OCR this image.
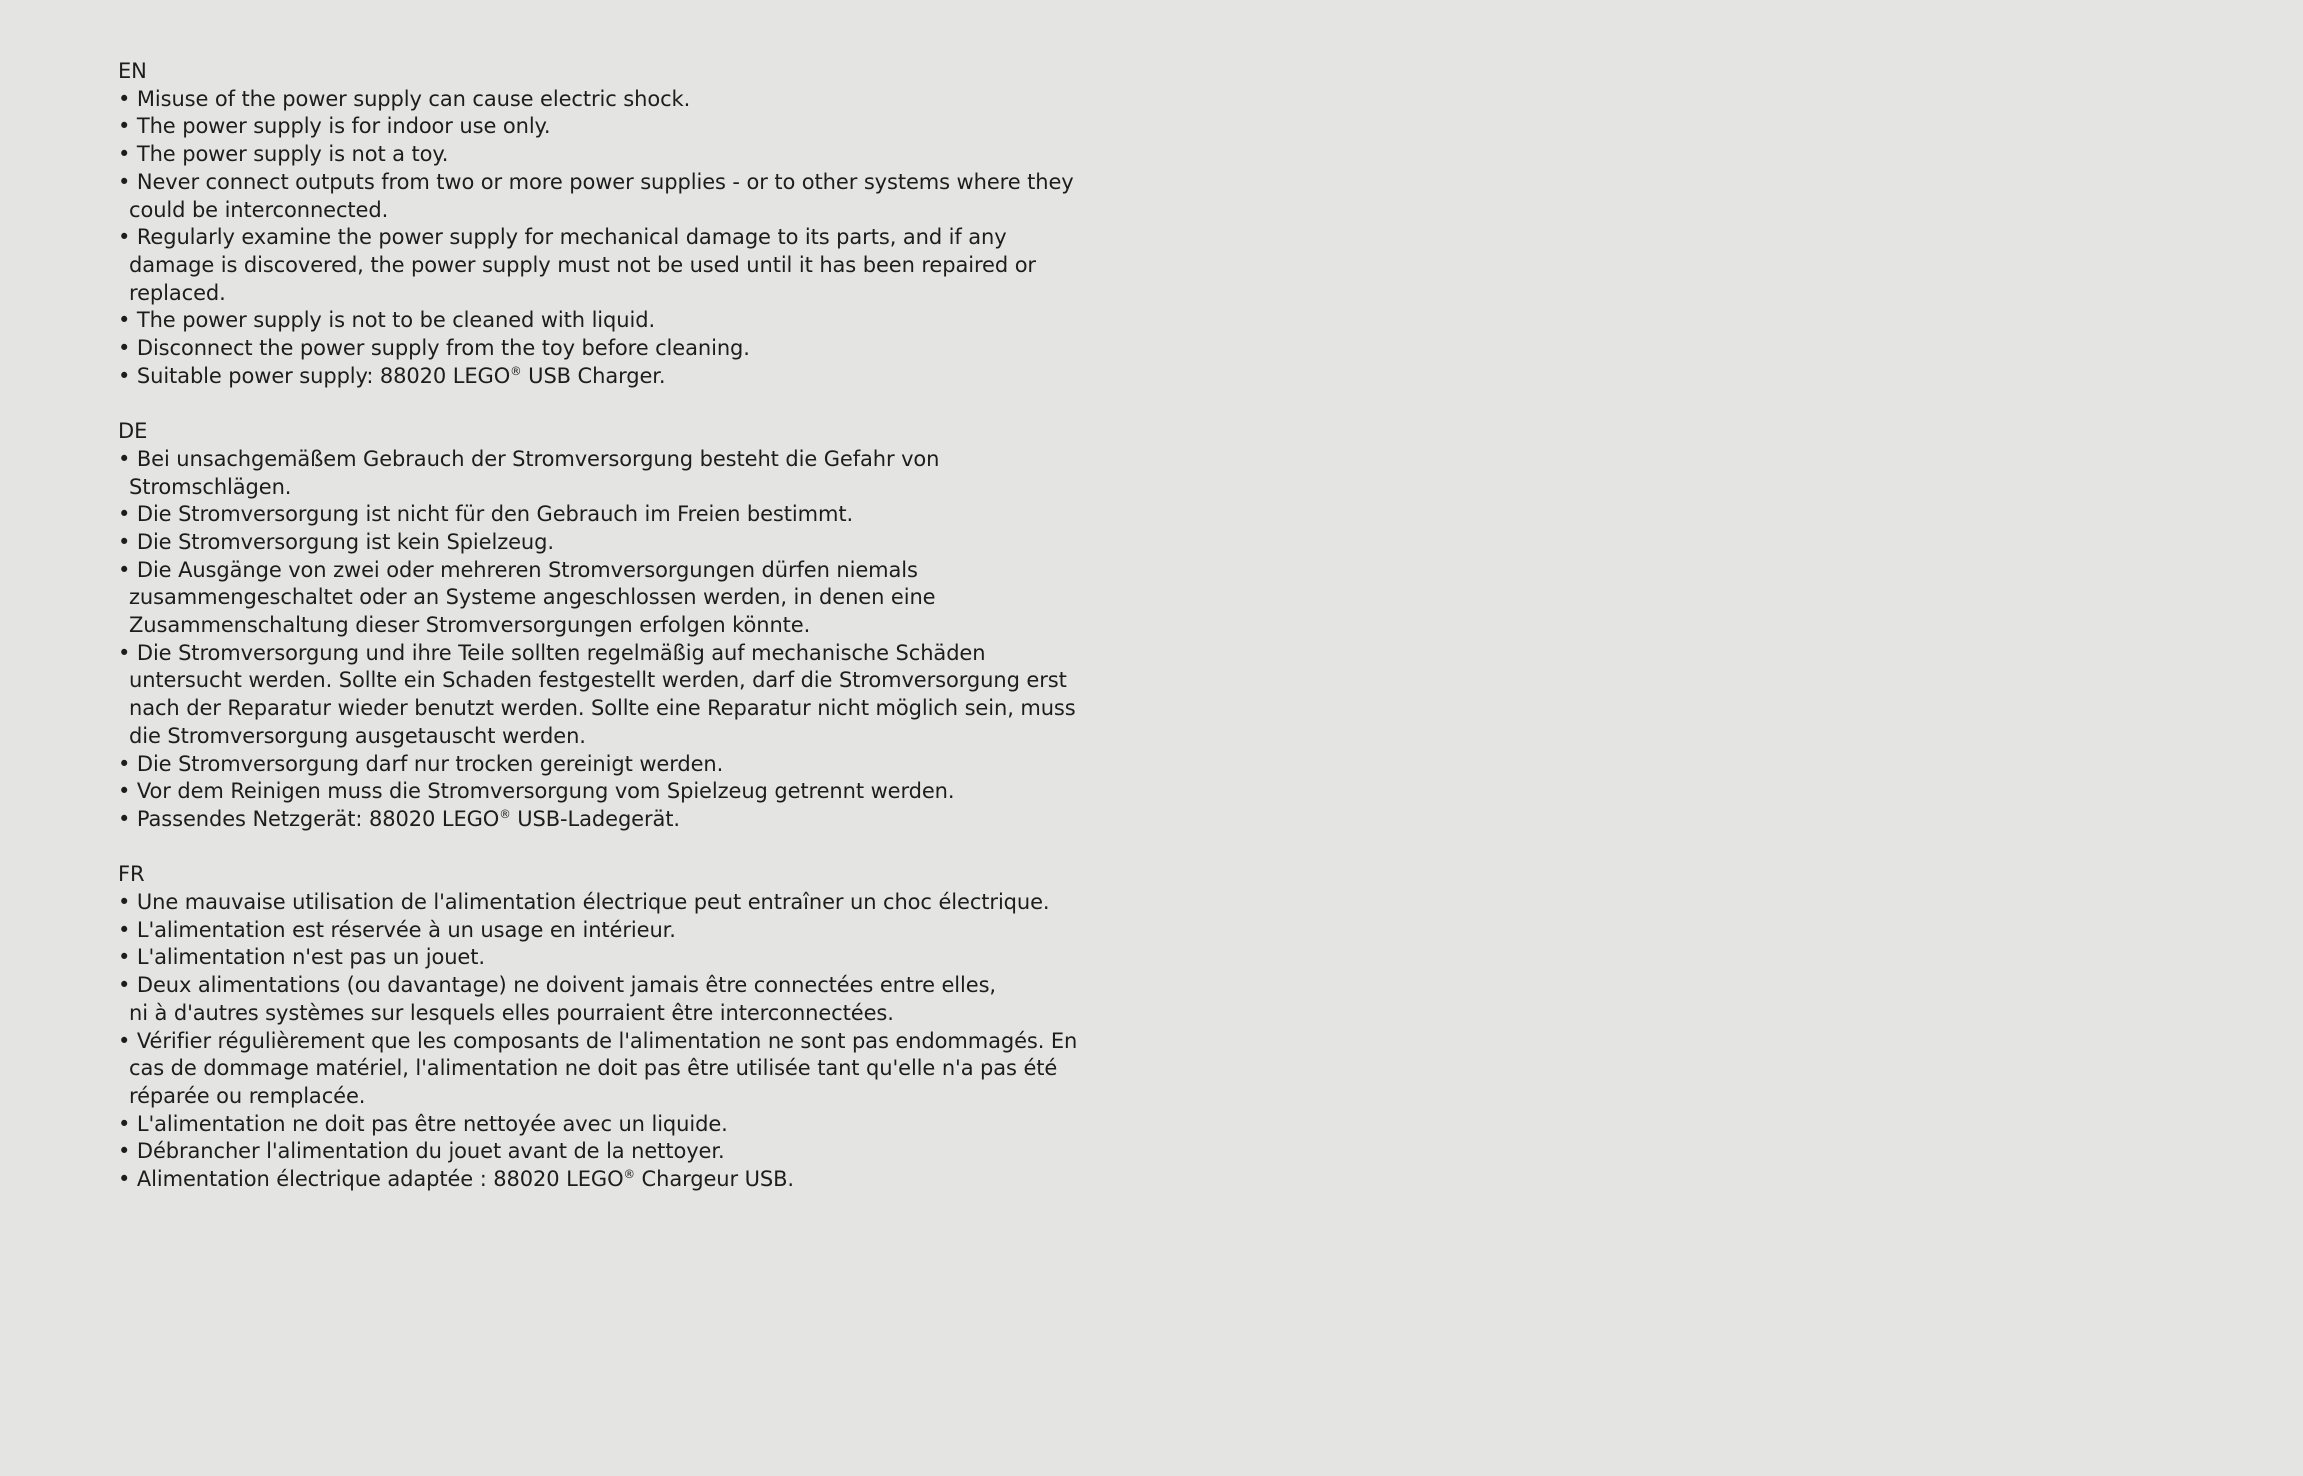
EN
• Misuse of the power supply can cause electric shock.
• The power supply is for indoor use only.
• The power supply is not a toy.
• Never connect outputs from two or more power supplies - or to other systems where they
could be interconnected.
• Regularly examine the power supply for mechanical damage to its parts, and if any
damage is discovered, the power supply must not be used until it has been repaired or
replaced.
• The power supply is not to be cleaned with liquid.
• Disconnect the power supply from the toy before cleaning.
• Suitable power supply: 88020 LEGO® USB Charger.
DE
• Bei unsachgemäßem Gebrauch der Stromversorgung besteht die Gefahr von
Stromschlägen.
• Die Stromversorgung ist nicht für den Gebrauch im Freien bestimmt.
• Die Stromversorgung ist kein Spielzeug.
• Die Ausgänge von zwei oder mehreren Stromversorgungen dürfen niemals
zusammengeschaltet oder an Systeme angeschlossen werden, in denen eine
Zusammenschaltung dieser Stromversorgungen erfolgen könnte.
• Die Stromversorgung und ihre Teile sollten regelmäßig auf mechanische Schäden
untersucht werden. Sollte ein Schaden festgestellt werden, darf die Stromversorgung erst
nach der Reparatur wieder benutzt werden. Sollte eine Reparatur nicht möglich sein, muss
die Stromversorgung ausgetauscht werden.
• Die Stromversorgung darf nur trocken gereinigt werden.
• Vor dem Reinigen muss die Stromversorgung vom Spielzeug getrennt werden.
• Passendes Netzgerät: 88020 LEGO® USB-Ladegerät.
FR
• Une mauvaise utilisation de l'alimentation électrique peut entraîner un choc électrique.
• L'alimentation est réservée à un usage en intérieur.
• L'alimentation n'est pas un jouet.
• Deux alimentations (ou davantage) ne doivent jamais être connectées entre elles,
ni à d'autres systèmes sur lesquels elles pourraient être interconnectées.
• Vérifier régulièrement que les composants de l'alimentation ne sont pas endommagés. En
cas de dommage matériel, l'alimentation ne doit pas être utilisée tant qu'elle n'a pas été
réparée ou remplacée.
• L'alimentation ne doit pas être nettoyée avec un liquide.
• Débrancher l'alimentation du jouet avant de la nettoyer.
• Alimentation électrique adaptée : 88020 LEGO® Chargeur USB.
